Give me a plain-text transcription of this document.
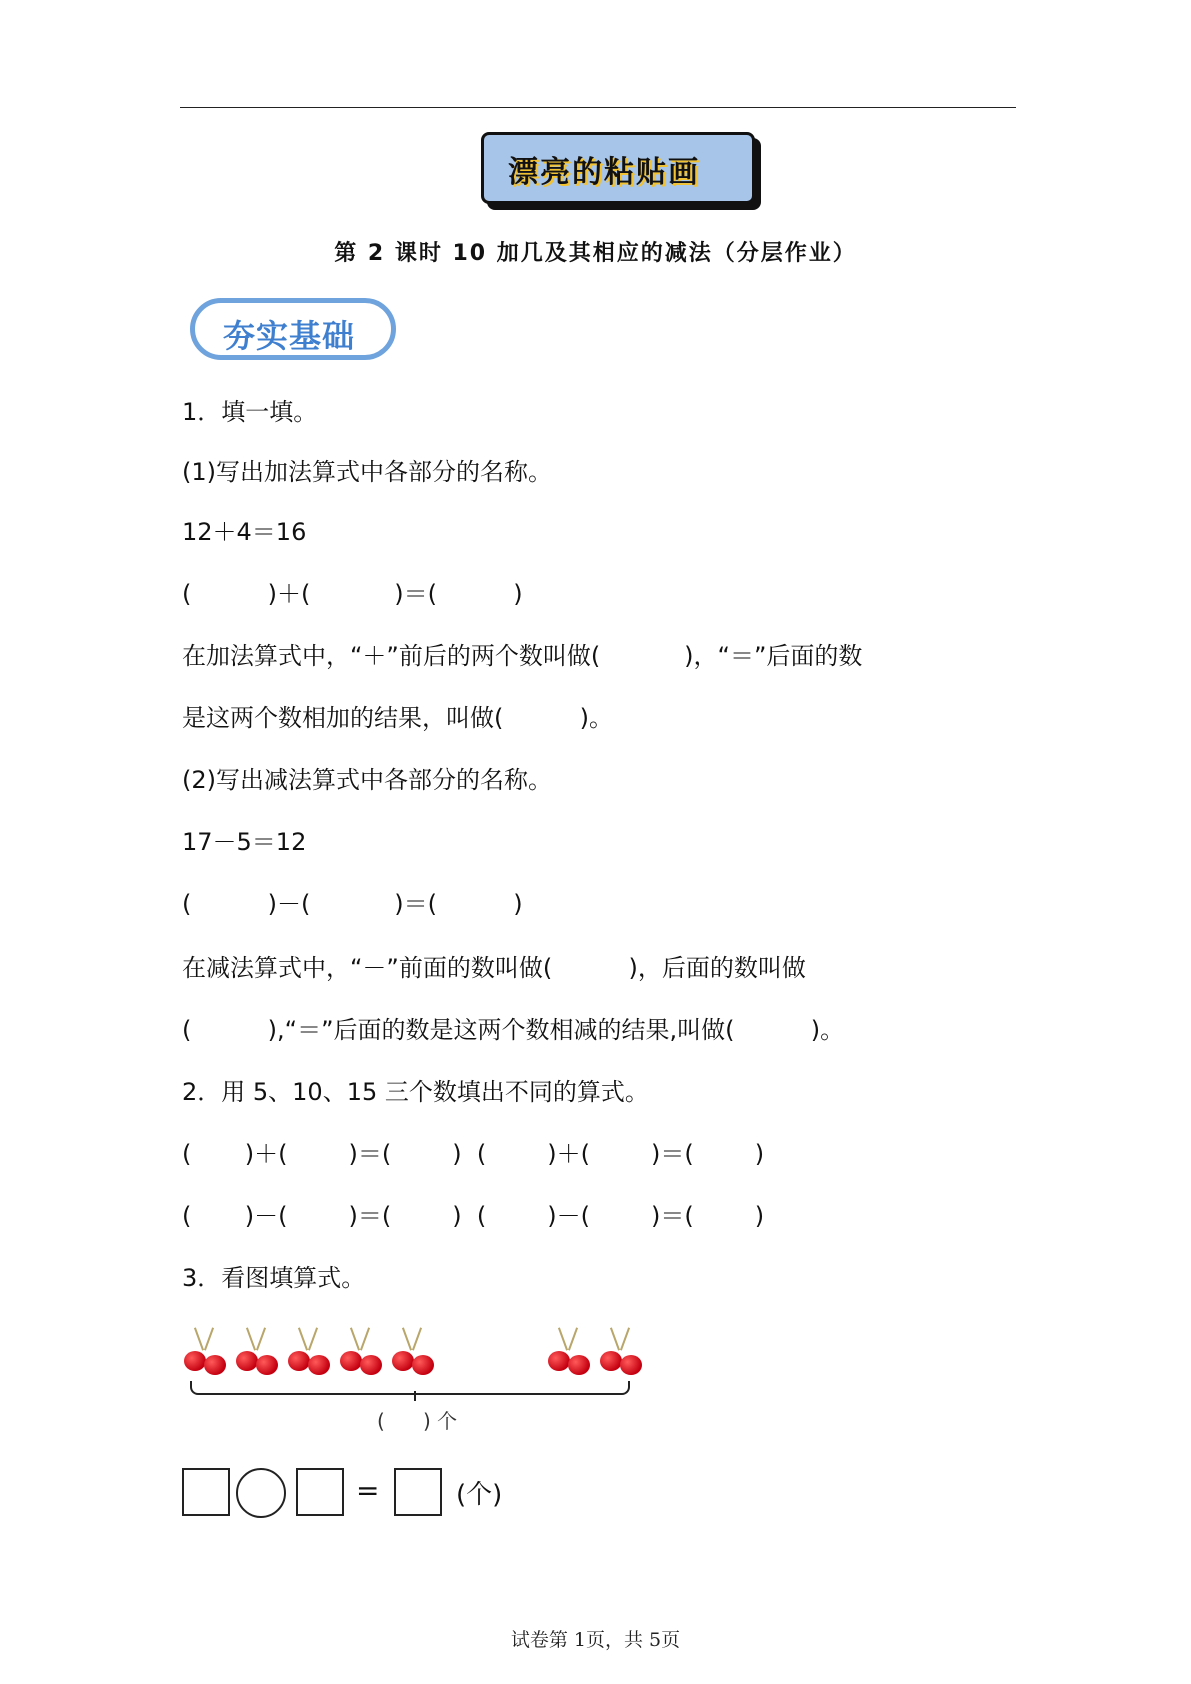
漂亮的粘贴画
第 2 课时 10 加几及其相应的减法（分层作业）
夯实基础
1．填一填。
(1)写出加法算式中各部分的名称。
12＋4＝16
(          )＋(           )＝(          )
在加法算式中，“＋”前后的两个数叫做(           )，“＝”后面的数
是这两个数相加的结果，叫做(          )。
(2)写出减法算式中各部分的名称。
17－5＝12
(          )－(           )＝(          )
在减法算式中，“－”前面的数叫做(          )，后面的数叫做
(          ),“＝”后面的数是这两个数相减的结果,叫做(          )。
2．用 5、10、15 三个数填出不同的算式。
(       )＋(        )＝(        )  (        )＋(        )＝(        )
(       )－(        )＝(        )  (        )－(        )＝(        )
3．看图填算式。
(      ) 个
=	(个)
试卷第 1页，共 5页
